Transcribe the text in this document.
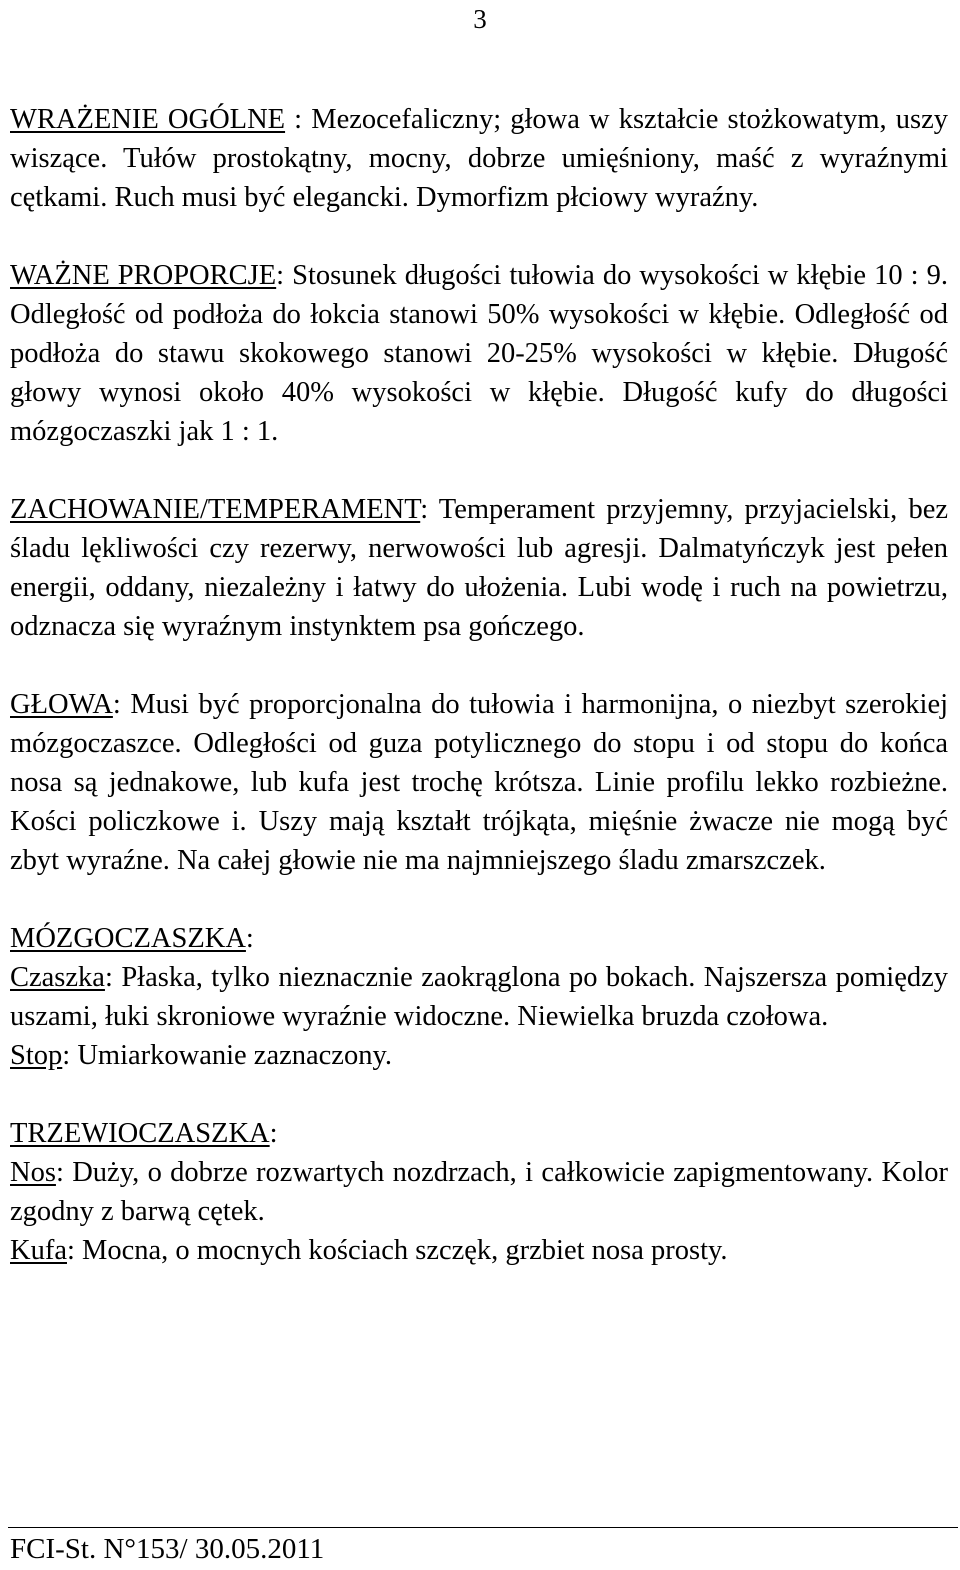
3

WRAŻENIE OGÓLNE : Mezocefaliczny; głowa w kształcie stożkowatym, uszy wiszące. Tułów prostokątny, mocny, dobrze umięśniony, maść z wyraźnymi cętkami. Ruch musi być elegancki. Dymorfizm płciowy wyraźny.

WAŻNE PROPORCJE: Stosunek długości tułowia do wysokości w kłębie 10 : 9. Odległość od podłoża do łokcia stanowi 50% wysokości w kłębie. Odległość od podłoża do stawu skokowego stanowi 20-25% wysokości w kłębie. Długość głowy wynosi około 40% wysokości w kłębie. Długość kufy do długości mózgoczaszki jak 1 : 1.

ZACHOWANIE/TEMPERAMENT: Temperament przyjemny, przyjacielski, bez śladu lękliwości czy rezerwy, nerwowości lub agresji. Dalmatyńczyk jest pełen energii, oddany, niezależny i łatwy do ułożenia. Lubi wodę i ruch na powietrzu, odznacza się wyraźnym instynktem psa gończego.

GŁOWA: Musi być proporcjonalna do tułowia i harmonijna, o niezbyt szerokiej mózgoczaszce. Odległości od guza potylicznego do stopu i od stopu do końca nosa są jednakowe, lub kufa jest trochę krótsza. Linie profilu lekko rozbieżne. Kości policzkowe i. Uszy mają kształt trójkąta, mięśnie żwacze nie mogą być zbyt wyraźne. Na całej głowie nie ma najmniejszego śladu zmarszczek.

MÓZGOCZASZKA:
Czaszka: Płaska, tylko nieznacznie zaokrąglona po bokach. Najszersza pomiędzy uszami, łuki skroniowe wyraźnie widoczne. Niewielka bruzda czołowa.
Stop: Umiarkowanie zaznaczony.
TRZEWIOCZASZKA:
Nos: Duży, o dobrze rozwartych nozdrzach, i całkowicie zapigmentowany. Kolor zgodny z barwą cętek.
Kufa: Mocna, o mocnych kościach szczęk, grzbiet nosa prosty.
FCI-St. N°153/ 30.05.2011
